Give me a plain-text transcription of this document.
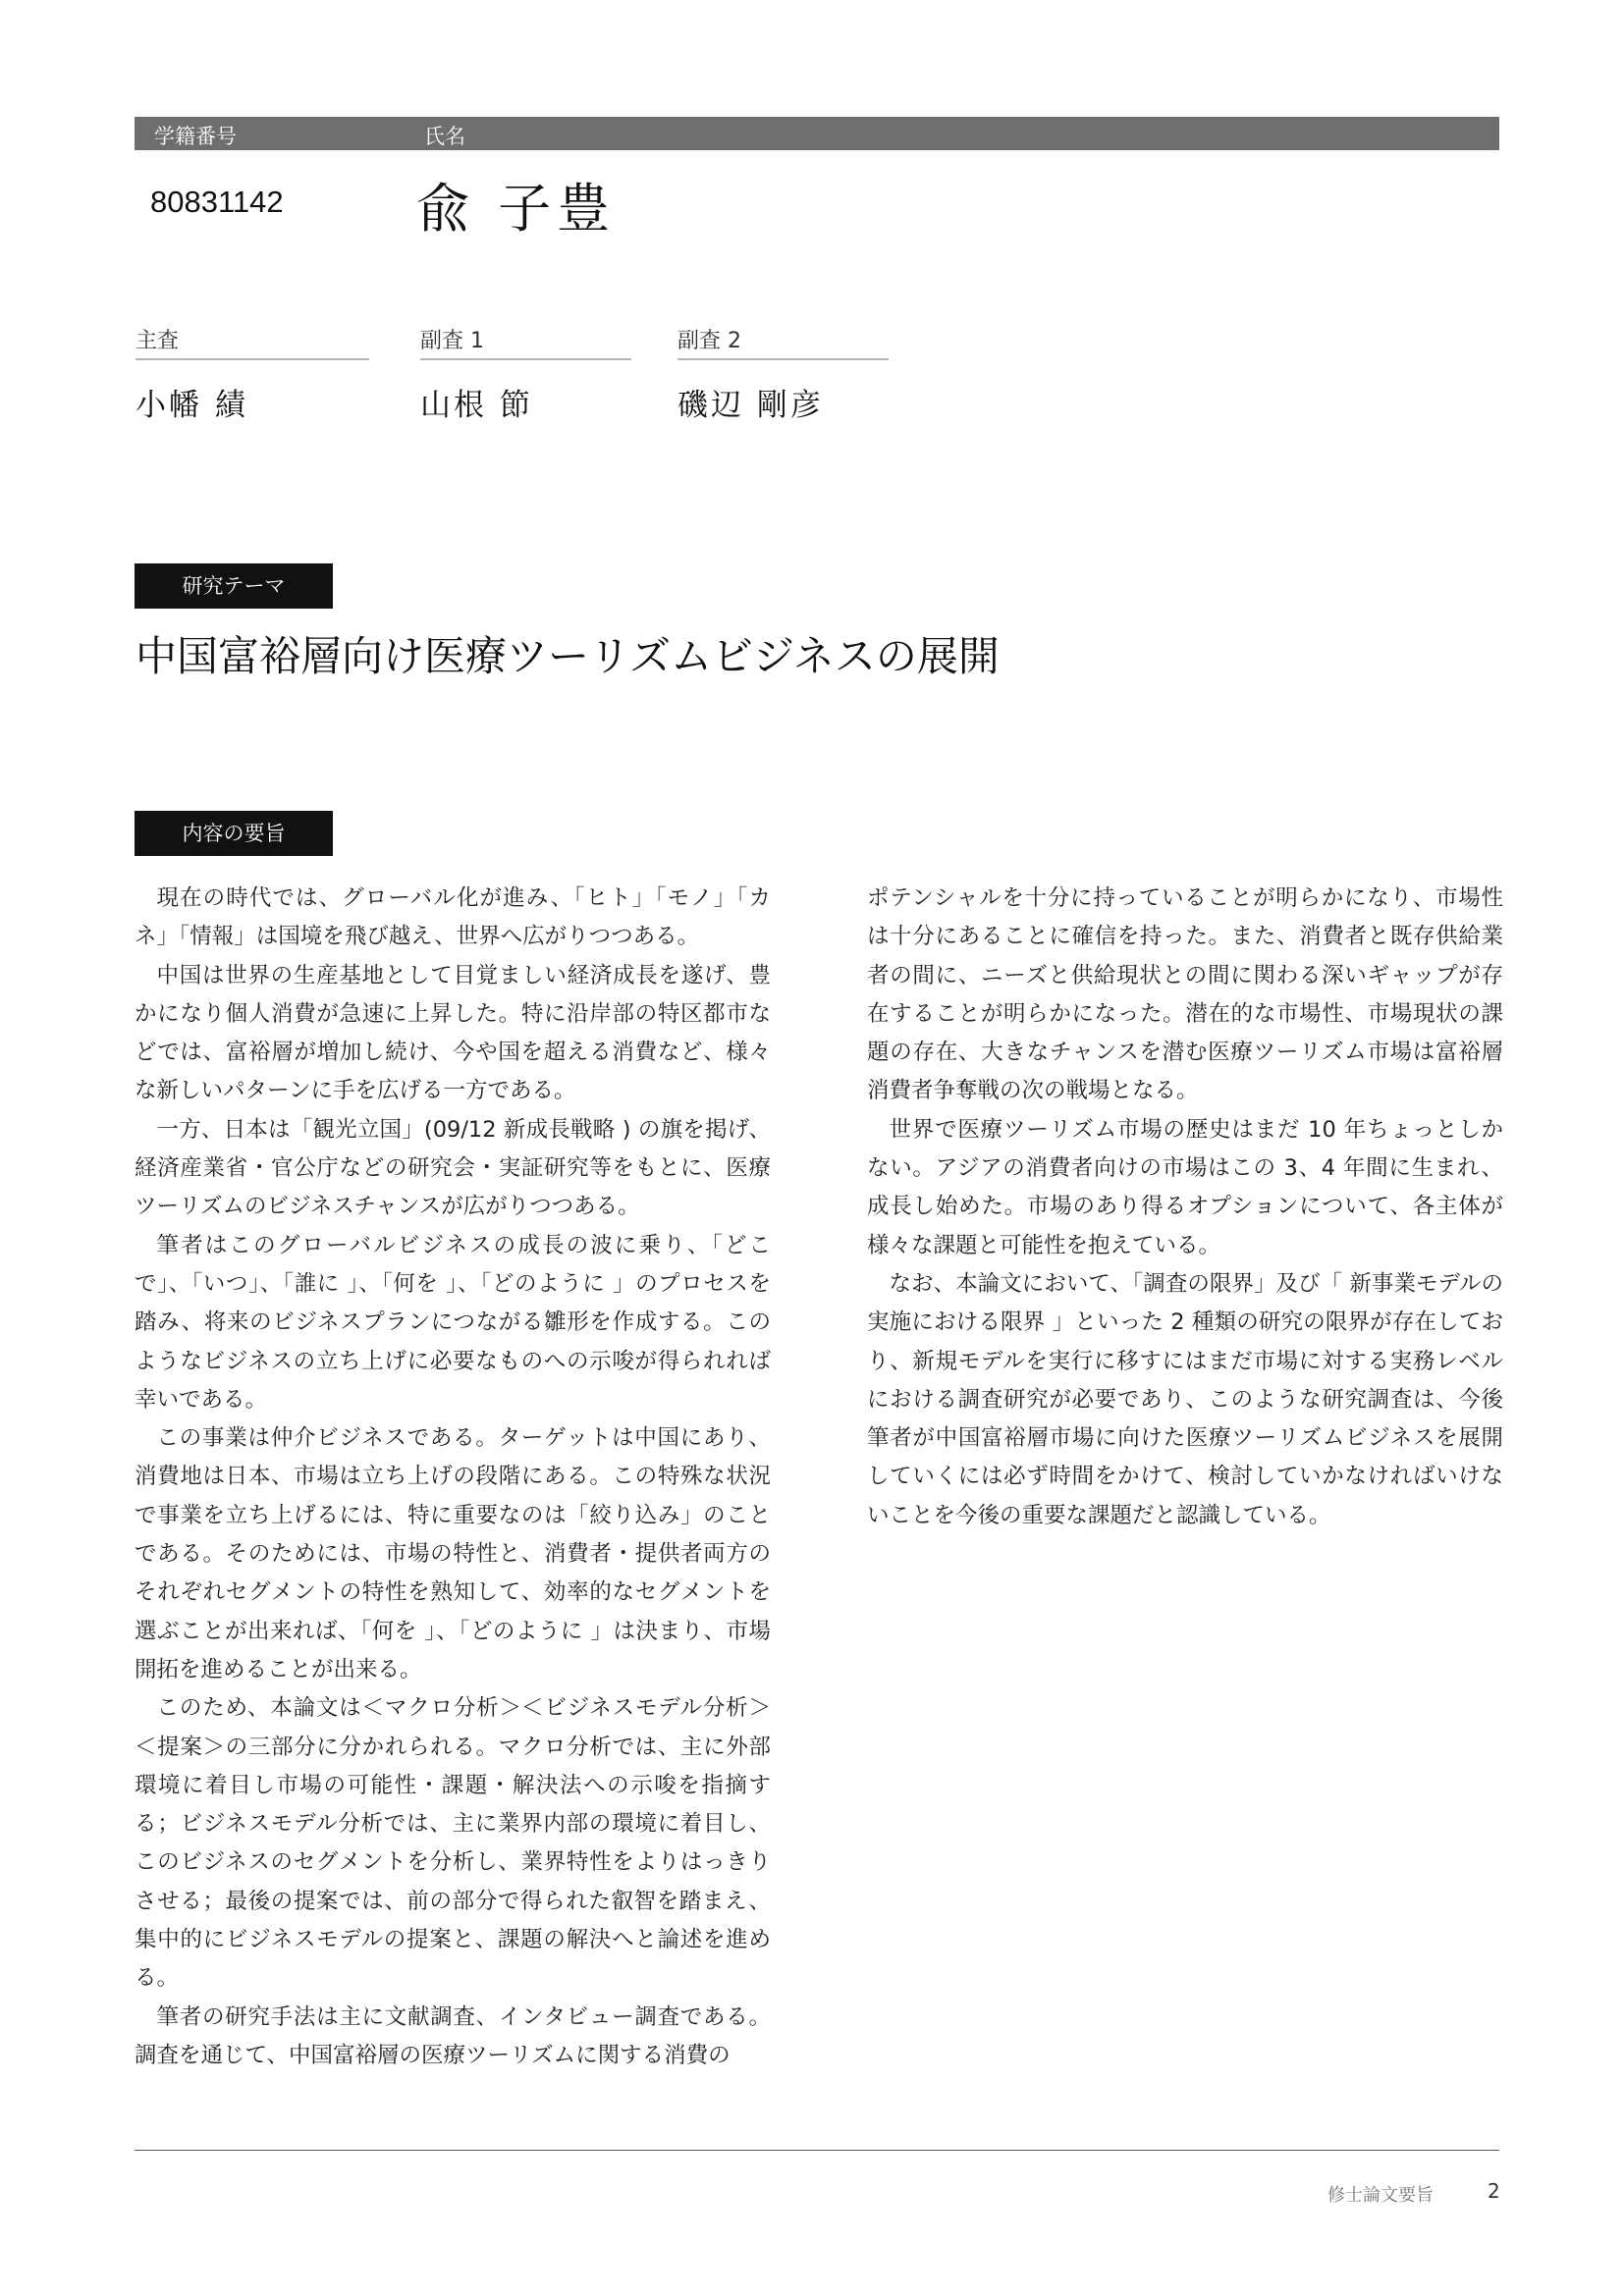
学籍番号	氏名
80831142	兪 子豊
主査
小幡 績
副査 1
山根 節
副査 2
磯辺 剛彦
研究テーマ
中国富裕層向け医療ツーリズムビジネスの展開
内容の要旨

現在の時代では、グローバル化が進み、「ヒト」「モノ」「カネ」「情報」は国境を飛び越え、世界へ広がりつつある。

中国は世界の生産基地として目覚ましい経済成長を遂げ、豊かになり個人消費が急速に上昇した。特に沿岸部の特区都市などでは、富裕層が増加し続け、今や国を超える消費など、様々な新しいパターンに手を広げる一方である。

一方、日本は「観光立国」(09/12 新成長戦略 ) の旗を掲げ、経済産業省・官公庁などの研究会・実証研究等をもとに、医療ツーリズムのビジネスチャンスが広がりつつある。

筆者はこのグローバルビジネスの成長の波に乗り、「どこで」、「いつ」、「誰に 」、「何を 」、「どのように 」のプロセスを踏み、将来のビジネスプランにつながる雛形を作成する。このようなビジネスの立ち上げに必要なものへの示唆が得られれば幸いである。

この事業は仲介ビジネスである。ターゲットは中国にあり、消費地は日本、市場は立ち上げの段階にある。この特殊な状況で事業を立ち上げるには、特に重要なのは「絞り込み」のことである。そのためには、市場の特性と、消費者・提供者両方のそれぞれセグメントの特性を熟知して、効率的なセグメントを選ぶことが出来れば、「何を 」、「どのように 」は決まり、市場開拓を進めることが出来る。

このため、本論文は＜マクロ分析＞＜ビジネスモデル分析＞＜提案＞の三部分に分かれられる。マクロ分析では、主に外部環境に着目し市場の可能性・課題・解決法への示唆を指摘する；ビジネスモデル分析では、主に業界内部の環境に着目し、このビジネスのセグメントを分析し、業界特性をよりはっきりさせる；最後の提案では、前の部分で得られた叡智を踏まえ、集中的にビジネスモデルの提案と、課題の解決へと論述を進める。

筆者の研究手法は主に文献調査、インタビュー調査である。調査を通じて、中国富裕層の医療ツーリズムに関する消費の

ポテンシャルを十分に持っていることが明らかになり、市場性は十分にあることに確信を持った。また、消費者と既存供給業者の間に、ニーズと供給現状との間に関わる深いギャップが存在することが明らかになった。潜在的な市場性、市場現状の課題の存在、大きなチャンスを潜む医療ツーリズム市場は富裕層消費者争奪戦の次の戦場となる。

世界で医療ツーリズム市場の歴史はまだ 10 年ちょっとしかない。アジアの消費者向けの市場はこの 3、4 年間に生まれ、成長し始めた。市場のあり得るオプションについて、各主体が様々な課題と可能性を抱えている。

なお、本論文において、「調査の限界」及び「 新事業モデルの実施における限界 」といった 2 種類の研究の限界が存在しており、新規モデルを実行に移すにはまだ市場に対する実務レベルにおける調査研究が必要であり、このような研究調査は、今後筆者が中国富裕層市場に向けた医療ツーリズムビジネスを展開していくには必ず時間をかけて、検討していかなければいけないことを今後の重要な課題だと認識している。

修士論文要旨	2
